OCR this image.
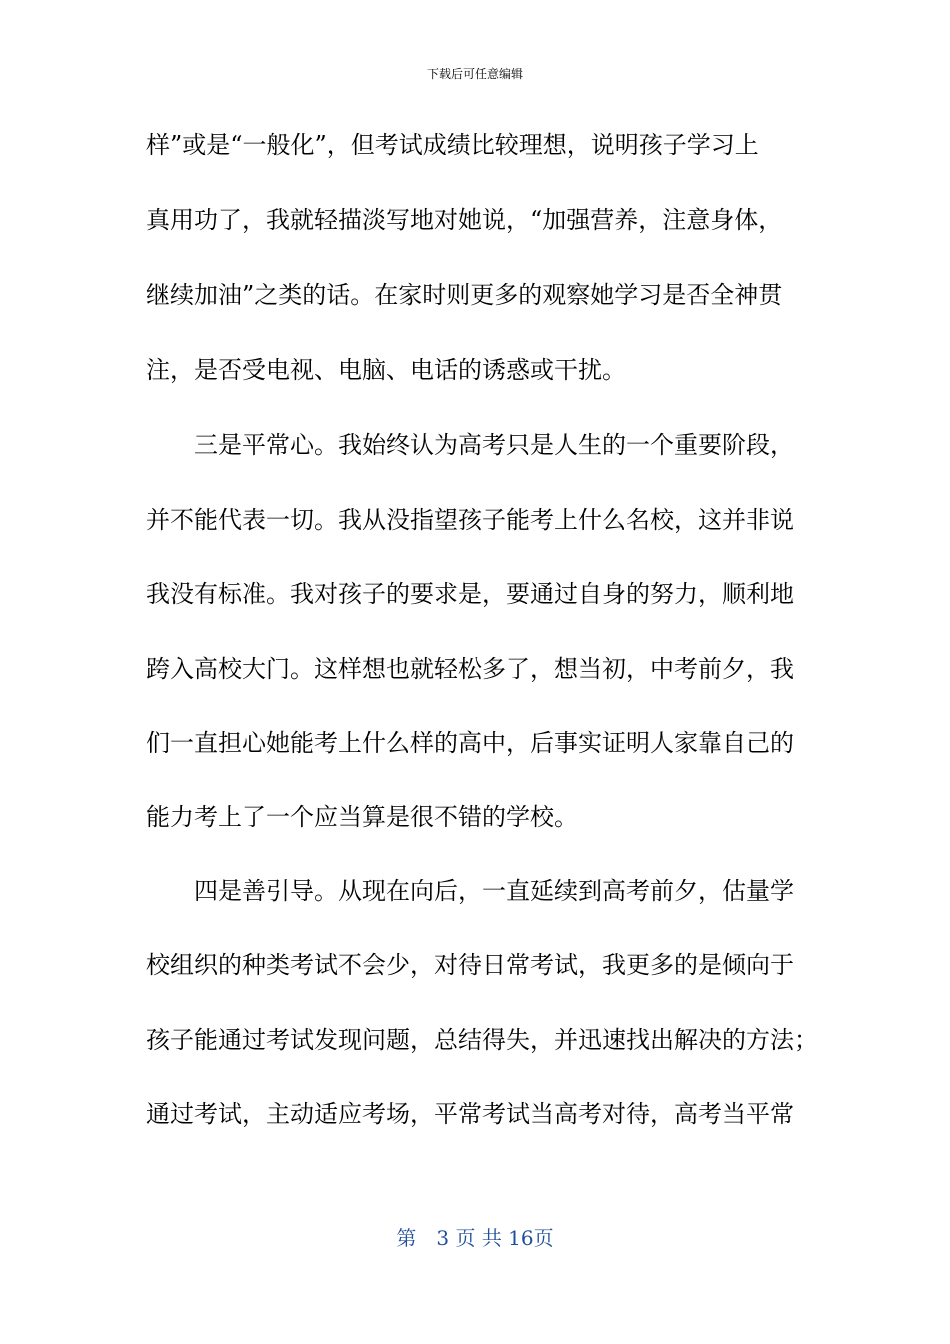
下载后可任意编辑
样”或是“一般化”，但考试成绩比较理想，说明孩子学习上
真用功了，我就轻描淡写地对她说，“加强营养，注意身体，
继续加油”之类的话。在家时则更多的观察她学习是否全神贯
注，是否受电视、电脑、电话的诱惑或干扰。
　　三是平常心。我始终认为高考只是人生的一个重要阶段，
并不能代表一切。我从没指望孩子能考上什么名校，这并非说
我没有标准。我对孩子的要求是，要通过自身的努力，顺利地
跨入高校大门。这样想也就轻松多了，想当初，中考前夕，我
们一直担心她能考上什么样的高中，后事实证明人家靠自己的
能力考上了一个应当算是很不错的学校。
　　四是善引导。从现在向后，一直延续到高考前夕，估量学
校组织的种类考试不会少，对待日常考试，我更多的是倾向于
孩子能通过考试发现问题，总结得失，并迅速找出解决的方法；
通过考试，主动适应考场，平常考试当高考对待，高考当平常
第　3 页 共 16页
